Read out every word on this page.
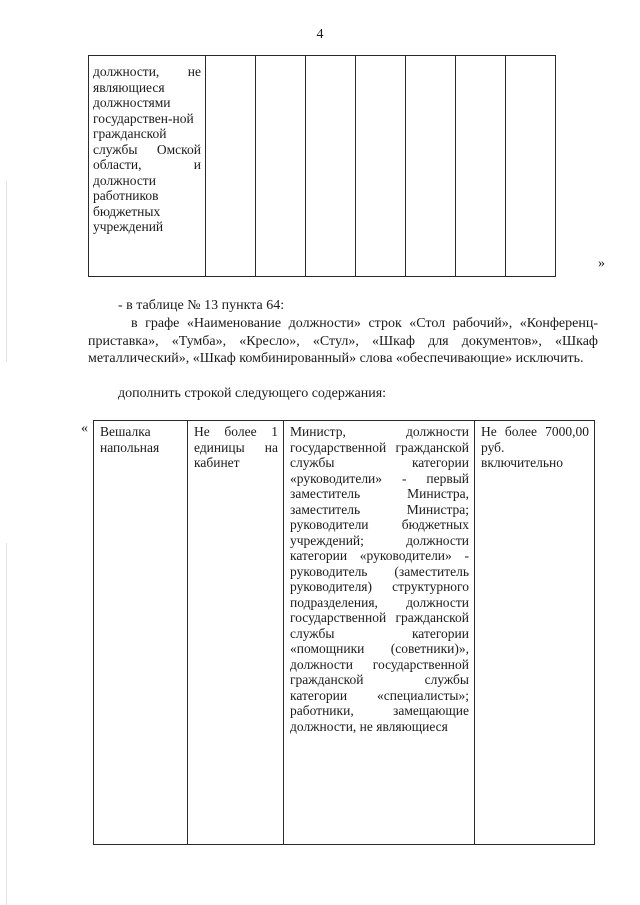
4
должности, не являющиеся должностями государствен-ной гражданской службы Омской области, и должности работников бюджетных учреждений

»

- в таблице № 13 пункта 64:

в графе «Наименование должности» строк «Стол рабочий», «Конференц-приставка», «Тумба», «Кресло», «Стул», «Шкаф для документов», «Шкаф металлический», «Шкаф комбинированный» слова «обеспечивающие» исключить.

дополнить строкой следующего содержания:

« Вешалка напольная	Не более 1 единицы на кабинет	Министр, должности государственной гражданской службы категории «руководители» - первый заместитель Министра, заместитель Министра; руководители бюджетных учреждений; должности категории «руководители» - руководитель (заместитель руководителя) структурного подразделения, должности государственной гражданской службы категории «помощники (советники)», должности государственной гражданской службы категории «специалисты»; работники, замещающие должности, не являющиеся	Не более 7000,00 руб. включительно
